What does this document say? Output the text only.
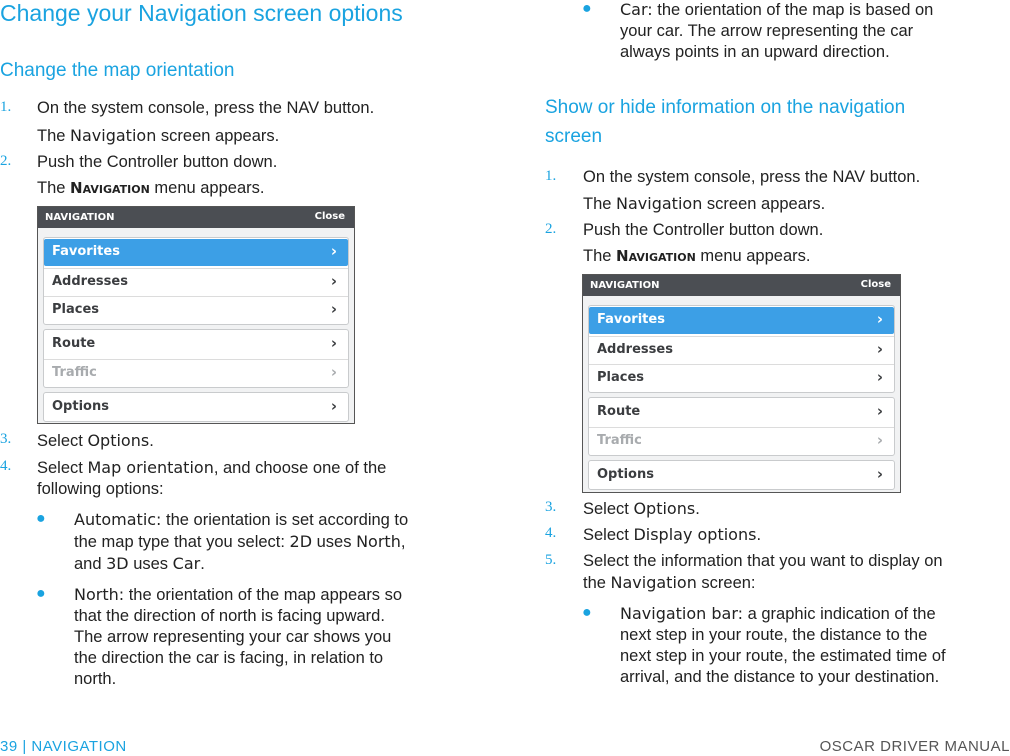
Change your Navigation screen options
Change the map orientation
1. On the system console, press the NAV button.
The Navigation screen appears.
2. Push the Controller button down.
The Navigation menu appears.
NAVIGATION	Close
Favorites	›
Addresses	›
Places	›
Route	›
Traffic	›
Options	›
3. Select Options.
4. Select Map orientation, and choose one of the
following options:
● Automatic: the orientation is set according to
the map type that you select: 2D uses North,
and 3D uses Car.
● North: the orientation of the map appears so
that the direction of north is facing upward.
The arrow representing your car shows you
the direction the car is facing, in relation to
north.
● Car: the orientation of the map is based on
your car. The arrow representing the car
always points in an upward direction.
Show or hide information on the navigation
screen
1. On the system console, press the NAV button.
The Navigation screen appears.
2. Push the Controller button down.
The Navigation menu appears.
NAVIGATION	Close
Favorites	›
Addresses	›
Places	›
Route	›
Traffic	›
Options	›
3. Select Options.
4. Select Display options.
5. Select the information that you want to display on
the Navigation screen:
● Navigation bar: a graphic indication of the
next step in your route, the distance to the
next step in your route, the estimated time of
arrival, and the distance to your destination.
39 | NAVIGATION	OSCAR DRIVER MANUAL
